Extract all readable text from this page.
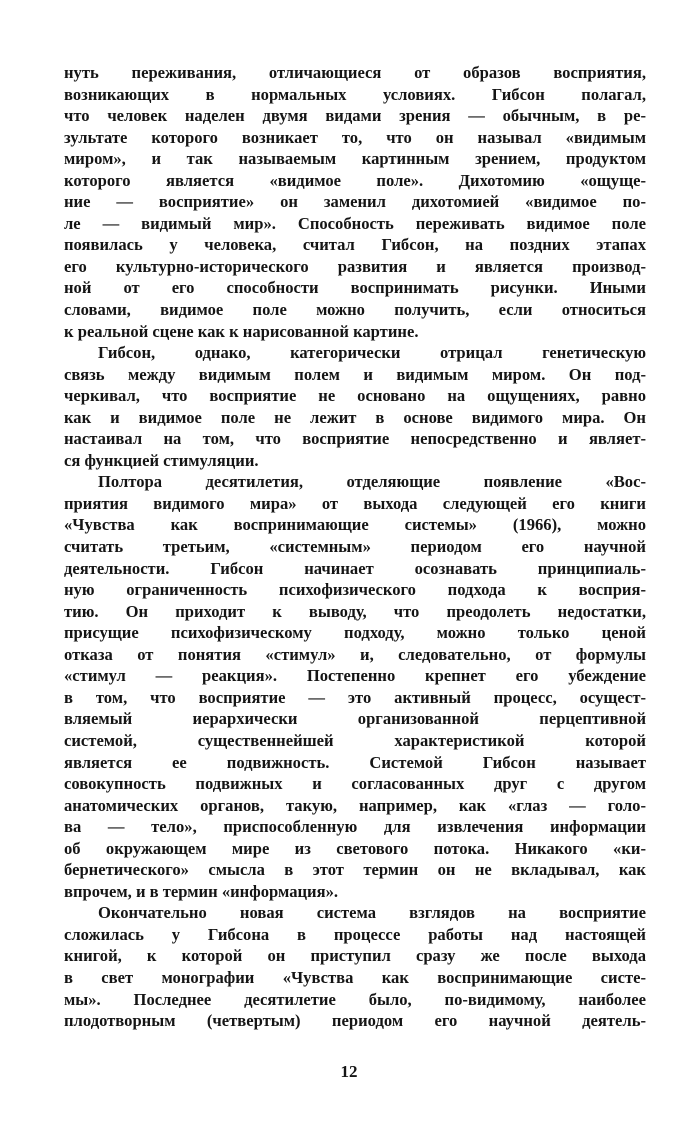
нуть переживания, отличающиеся от образов восприятия,
возникающих в нормальных условиях. Гибсон полагал,
что человек наделен двумя видами зрения — обычным, в ре-
зультате которого возникает то, что он называл «видимым
миром», и так называемым картинным зрением, продуктом
которого является «видимое поле». Дихотомию «ощуще-
ние — восприятие» он заменил дихотомией «видимое по-
ле — видимый мир». Способность переживать видимое поле
появилась у человека, считал Гибсон, на поздних этапах
его культурно-исторического развития и является производ-
ной от его способности воспринимать рисунки. Иными
словами, видимое поле можно получить, если относиться
к реальной сцене как к нарисованной картине.

Гибсон, однако, категорически отрицал генетическую
связь между видимым полем и видимым миром. Он под-
черкивал, что восприятие не основано на ощущениях, равно
как и видимое поле не лежит в основе видимого мира. Он
настаивал на том, что восприятие непосредственно и являет-
ся функцией стимуляции.

Полтора десятилетия, отделяющие появление «Вос-
приятия видимого мира» от выхода следующей его книги
«Чувства как воспринимающие системы» (1966), можно
считать третьим, «системным» периодом его научной
деятельности. Гибсон начинает осознавать принципиаль-
ную ограниченность психофизического подхода к восприя-
тию. Он приходит к выводу, что преодолеть недостатки,
присущие психофизическому подходу, можно только ценой
отказа от понятия «стимул» и, следовательно, от формулы
«стимул — реакция». Постепенно крепнет его убеждение
в том, что восприятие — это активный процесс, осущест-
вляемый иерархически организованной перцептивной
системой, существеннейшей характеристикой которой
является ее подвижность. Системой Гибсон называет
совокупность подвижных и согласованных друг с другом
анатомических органов, такую, например, как «глаз — голо-
ва — тело», приспособленную для извлечения информации
об окружающем мире из светового потока. Никакого «ки-
бернетического» смысла в этот термин он не вкладывал, как
впрочем, и в термин «информация».

Окончательно новая система взглядов на восприятие
сложилась у Гибсона в процессе работы над настоящей
книгой, к которой он приступил сразу же после выхода
в свет монографии «Чувства как воспринимающие систе-
мы». Последнее десятилетие было, по-видимому, наиболее
плодотворным (четвертым) периодом его научной деятель-

12
